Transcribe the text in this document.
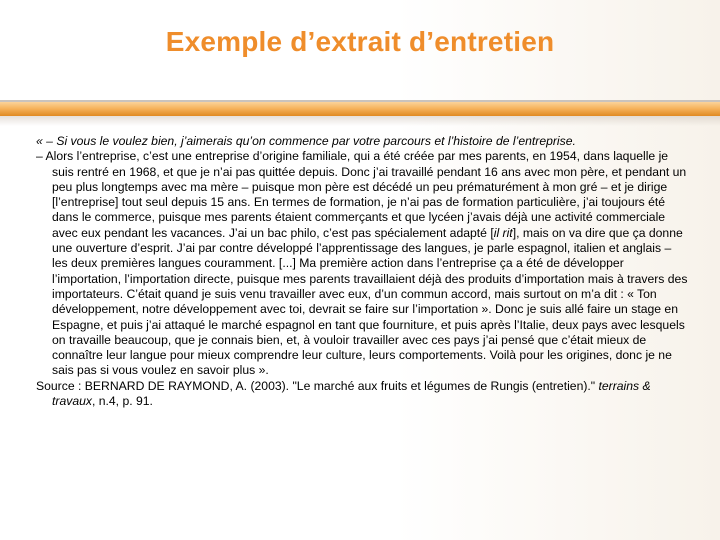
Exemple d’extrait d’entretien

« – Si vous le voulez bien, j’aimerais qu’on commence par votre parcours et l’histoire de l’entreprise.

– Alors l’entreprise, c’est une entreprise d’origine familiale, qui a été créée par mes parents, en 1954, dans laquelle je suis rentré en 1968, et que je n’ai pas quittée depuis. Donc j’ai travaillé pendant 16 ans avec mon père, et pendant un peu plus longtemps avec ma mère – puisque mon père est décédé un peu prématurément à mon gré – et je dirige [l’entreprise] tout seul depuis 15 ans. En termes de formation, je n’ai pas de formation particulière, j’ai toujours été dans le commerce, puisque mes parents étaient commerçants et que lycéen j’avais déjà une activité commerciale avec eux pendant les vacances. J’ai un bac philo, c’est pas spécialement adapté [il rit], mais on va dire que ça donne une ouverture d’esprit. J’ai par contre développé l’apprentissage des langues, je parle espagnol, italien et anglais – les deux premières langues couramment. [...] Ma première action dans l’entreprise ça a été de développer l’importation, l’importation directe, puisque mes parents travaillaient déjà des produits d’importation mais à travers des importateurs. C’était quand je suis venu travailler avec eux, d’un commun accord, mais surtout on m’a dit : « Ton développement, notre développement avec toi, devrait se faire sur l’importation ». Donc je suis allé faire un stage en Espagne, et puis j’ai attaqué le marché espagnol en tant que fourniture, et puis après l’Italie, deux pays avec lesquels on travaille beaucoup, que je connais bien, et, à vouloir travailler avec ces pays j’ai pensé que c’était mieux de connaître leur langue pour mieux comprendre leur culture, leurs comportements. Voilà pour les origines, donc je ne sais pas si vous voulez en savoir plus ».

Source : BERNARD DE RAYMOND, A. (2003). "Le marché aux fruits et légumes de Rungis (entretien)." terrains & travaux, n.4, p. 91.
